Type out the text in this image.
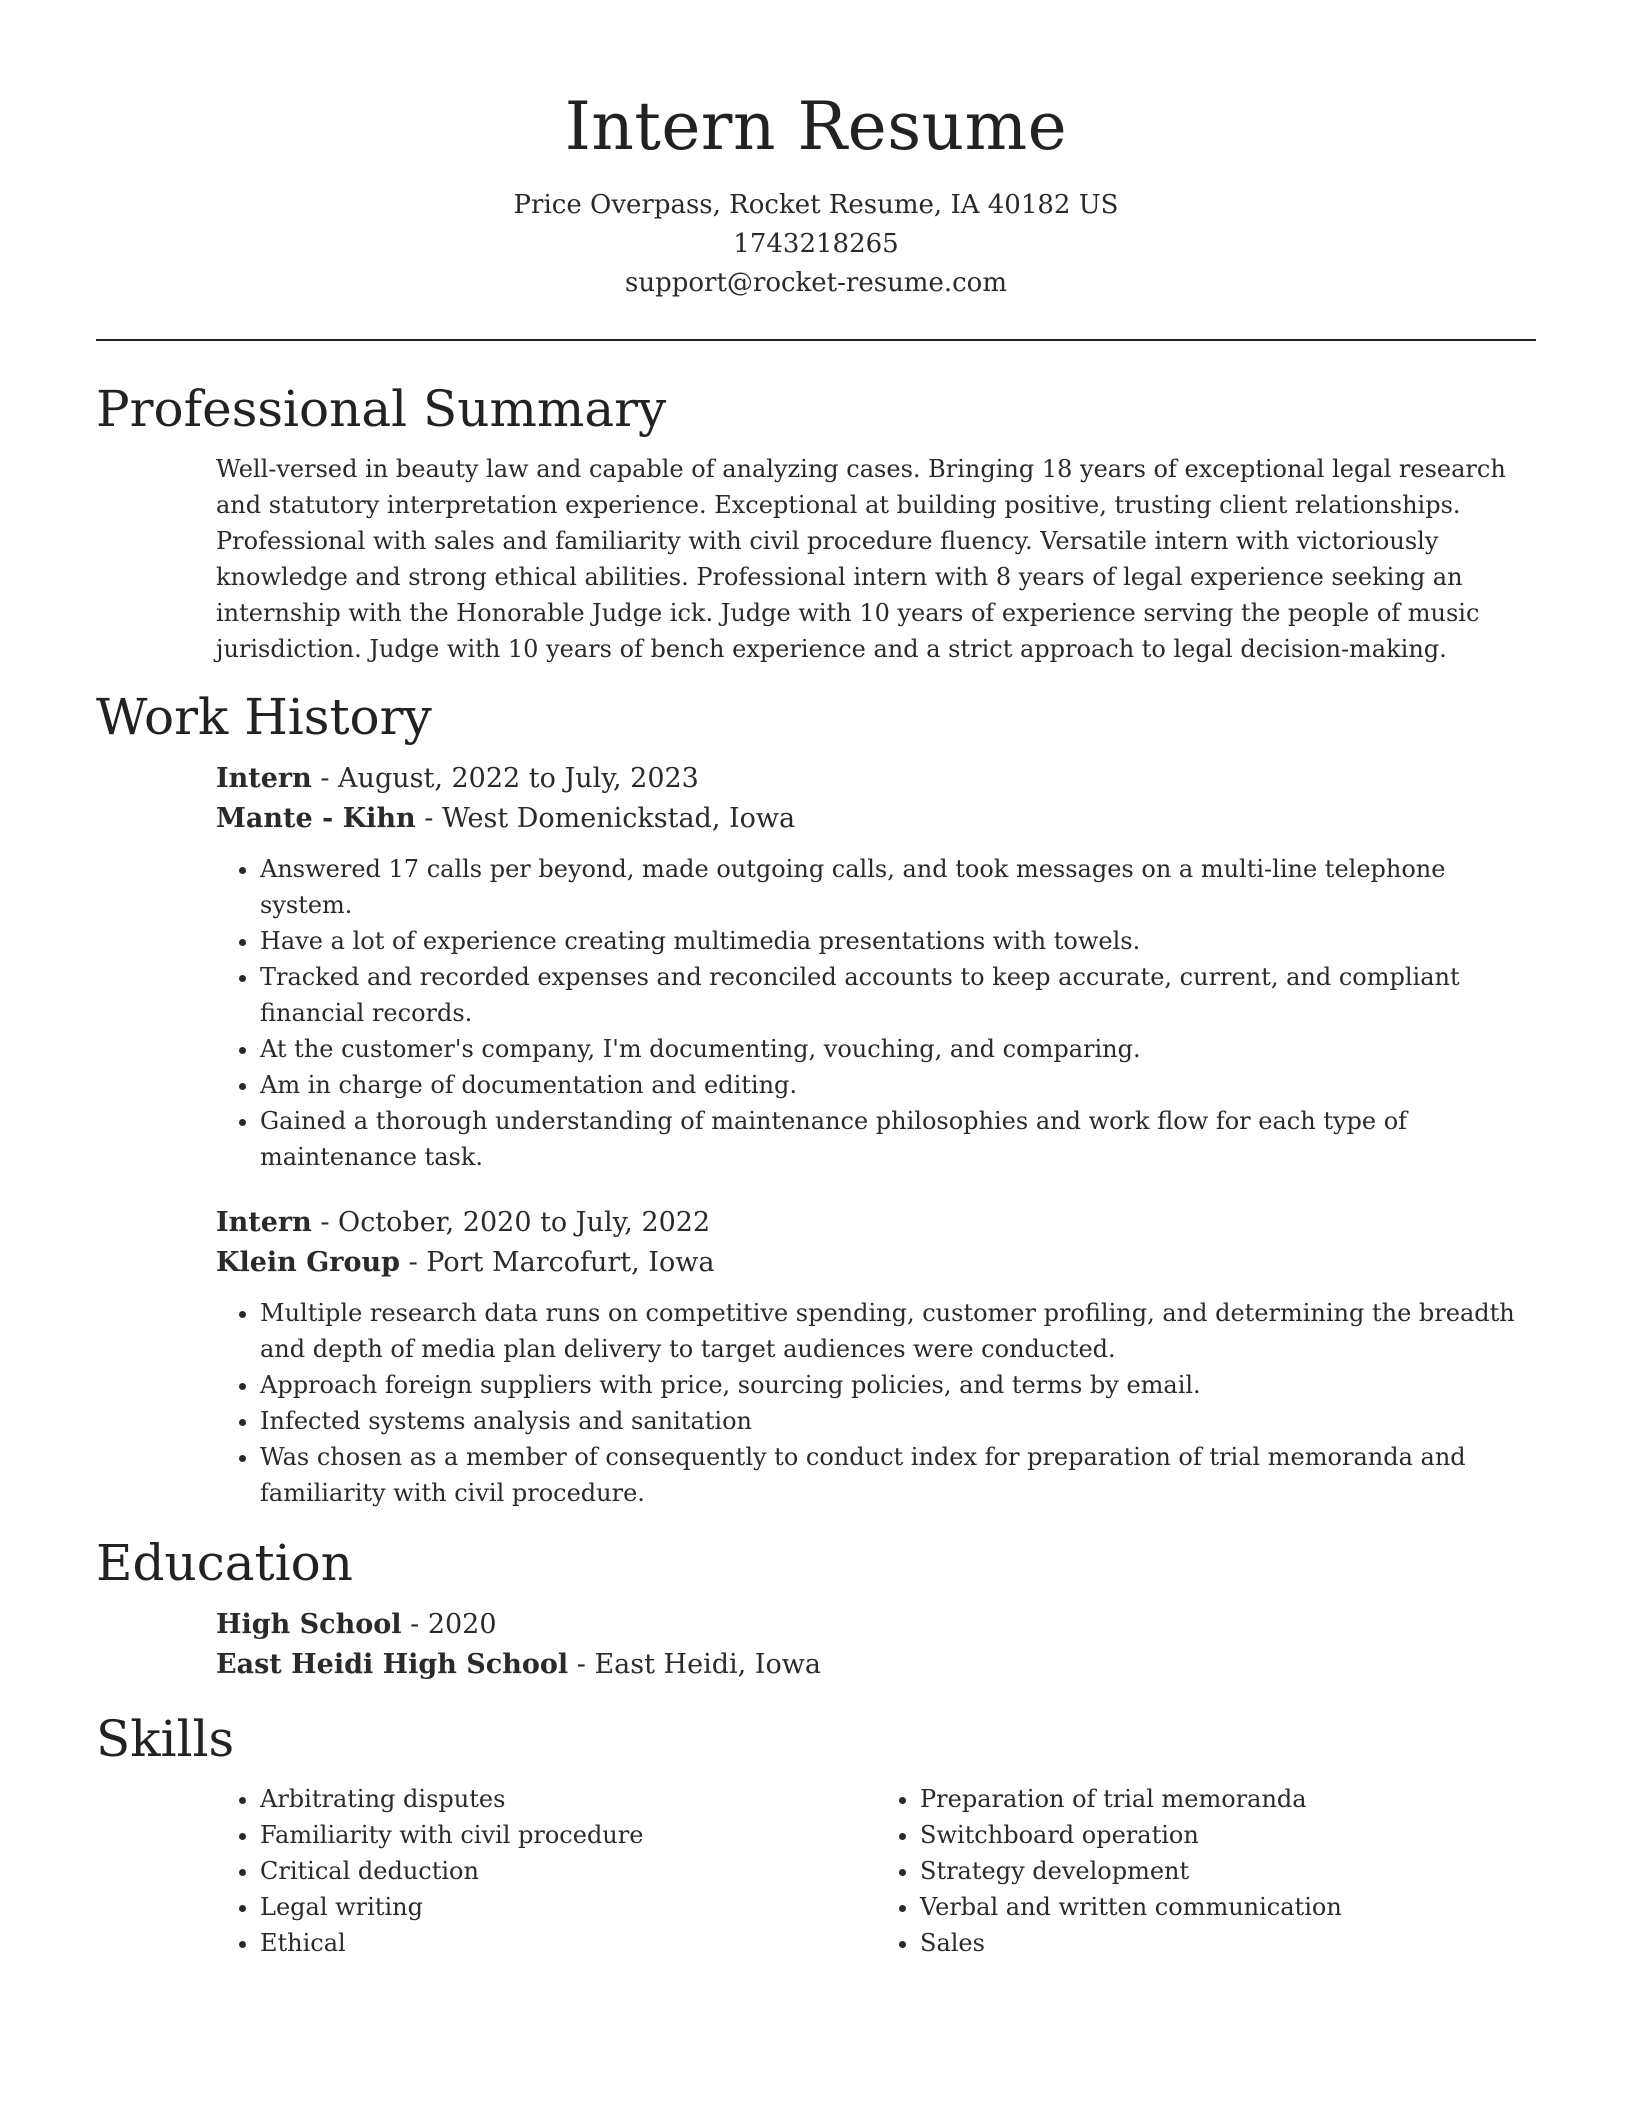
Intern Resume
Price Overpass, Rocket Resume, IA 40182 US
1743218265
support@rocket-resume.com
Professional Summary
Well-versed in beauty law and capable of analyzing cases. Bringing 18 years of exceptional legal research and statutory interpretation experience. Exceptional at building positive, trusting client relationships. Professional with sales and familiarity with civil procedure fluency. Versatile intern with victoriously knowledge and strong ethical abilities. Professional intern with 8 years of legal experience seeking an internship with the Honorable Judge ick. Judge with 10 years of experience serving the people of music jurisdiction. Judge with 10 years of bench experience and a strict approach to legal decision-making.
Work History
Intern - August, 2022 to July, 2023
Mante - Kihn - West Domenickstad, Iowa
• Answered 17 calls per beyond, made outgoing calls, and took messages on a multi-line telephone system.
• Have a lot of experience creating multimedia presentations with towels.
• Tracked and recorded expenses and reconciled accounts to keep accurate, current, and compliant financial records.
• At the customer's company, I'm documenting, vouching, and comparing.
• Am in charge of documentation and editing.
• Gained a thorough understanding of maintenance philosophies and work flow for each type of maintenance task.
Intern - October, 2020 to July, 2022
Klein Group - Port Marcofurt, Iowa
• Multiple research data runs on competitive spending, customer profiling, and determining the breadth and depth of media plan delivery to target audiences were conducted.
• Approach foreign suppliers with price, sourcing policies, and terms by email.
• Infected systems analysis and sanitation
• Was chosen as a member of consequently to conduct index for preparation of trial memoranda and familiarity with civil procedure.
Education
High School - 2020
East Heidi High School - East Heidi, Iowa
Skills
• Arbitrating disputes
• Familiarity with civil procedure
• Critical deduction
• Legal writing
• Ethical
• Preparation of trial memoranda
• Switchboard operation
• Strategy development
• Verbal and written communication
• Sales
